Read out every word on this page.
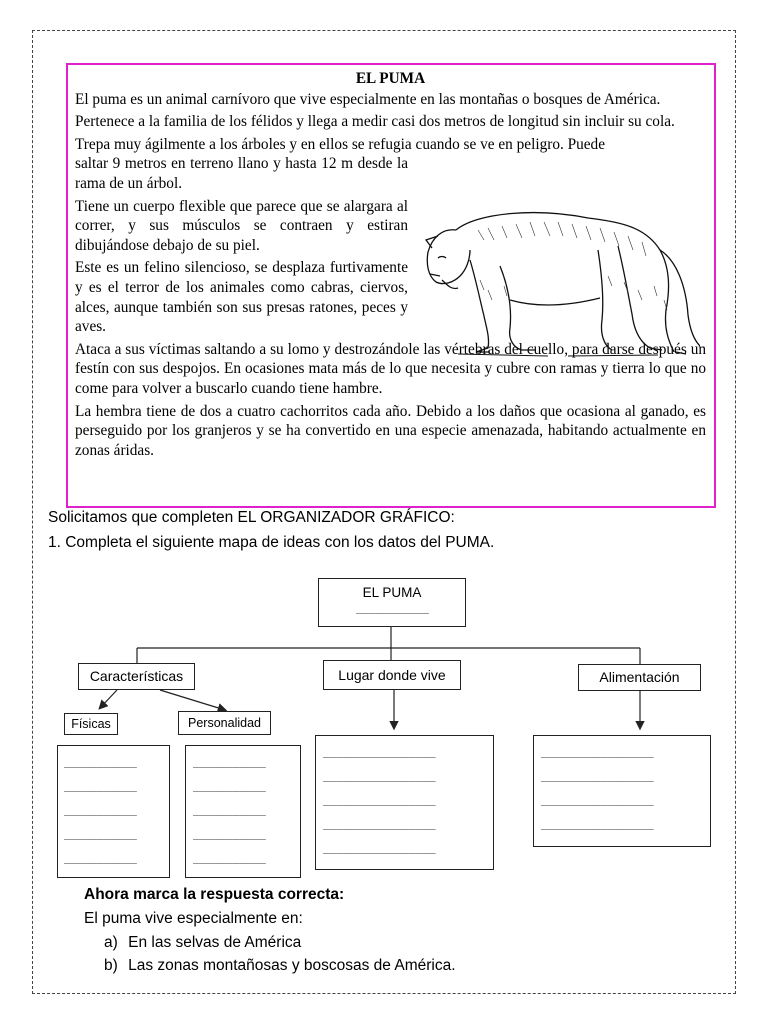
EL PUMA

El puma es un animal carnívoro que vive especialmente en las montañas o bosques de América.

Pertenece a la familia de los félidos y llega a medir casi dos metros de longitud sin incluir su cola.

Trepa muy ágilmente a los árboles y en ellos se refugia cuando se ve en peligro. Puede
saltar 9 metros en terreno llano y hasta 12 m desde la rama de un árbol.

Tiene un cuerpo flexible que parece que se alargara al correr, y sus músculos se contraen y estiran dibujándose debajo de su piel.

Este es un felino silencioso, se desplaza furtivamente y es el terror de los animales como cabras, ciervos, alces, aunque también son sus presas ratones, peces y aves.

Ataca a sus víctimas saltando a su lomo y destrozándole las vértebras del cuello, para darse después un festín con sus despojos. En ocasiones mata más de lo que necesita y cubre con ramas y tierra lo que no come para volver a buscarlo cuando tiene hambre.

La hembra tiene de dos a cuatro cachorritos cada año. Debido a los daños que ocasiona al ganado, es perseguido por los granjeros y se ha convertido en una especie amenazada, habitando actualmente en zonas áridas.

Solicitamos que completen EL ORGANIZADOR GRÁFICO:
1. Completa el siguiente mapa de ideas con los datos del PUMA.
EL PUMA
___________
Características	Lugar donde vive	Alimentación
Físicas	Personalidad
___________
___________
___________
___________
___________
___________
___________
___________
___________
___________
_________________
_________________
_________________
_________________
_________________
_________________
_________________
_________________
_________________
Ahora marca la respuesta correcta:
El puma vive especialmente en:
a) En las selvas de América
b) Las zonas montañosas y boscosas de América.
